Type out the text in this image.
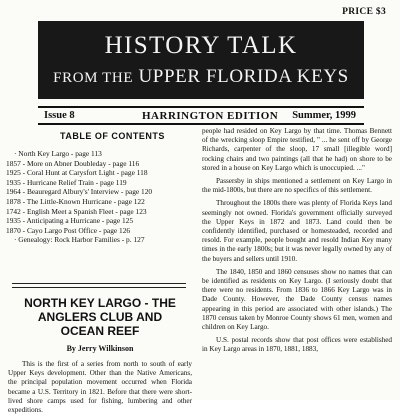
PRICE $3
HISTORY TALK
FROM THE UPPER FLORIDA KEYS
Issue 8	HARRINGTON EDITION Summer, 1999
TABLE OF CONTENTS
· North Key Largo - page 113
1857 - More on Abner Doubleday - page 116
1925 - Coral Hunt at Carysfort Light - page 118
1935 - Hurricane Relief Train - page 119
1964 - Beauregard Albury's' Interview - page 120
1878 - The Little-Known Hurricane - page 122
1742 - English Meet a Spanish Fleet - page 123
1935 - Anticipating a Hurricane - page 125
1870 - Cayo Largo Post Office - page 126
· Genealogy: Rock Harbor Families - p. 127
NORTH KEY LARGO - THE
ANGLERS CLUB AND
OCEAN REEF
By Jerry Wilkinson

This is the first of a series from north to south of early Upper Keys development. Other than the Native Americans, the principal population movement occurred when Florida became a U.S. Territory in 1821. Before that there were short-lived shore camps used for fishing, lumbering and other expeditions.

people had resided on Key Largo by that time. Thomas Bennett of the wrecking sloop Empire testified, " ... he sent off by George Richards, carpenter of the sloop, 17 small [illegible word] rocking chairs and two paintings (all that he had) on shore to be stored in a house on Key Largo which is unoccupied. ..."

Passersby in ships mentioned a settlement on Key Largo in the mid-1800s, but there are no specifics of this settlement.

Throughout the 1800s there was plenty of Florida Keys land seemingly not owned. Florida's government officially surveyed the Upper Keys in 1872 and 1873. Land could then be confidently identified, purchased or homesteaded, recorded and resold. For example, people bought and resold Indian Key many times in the early 1800s; but it was never legally owned by any of the buyers and sellers until 1910.

The 1840, 1850 and 1860 censuses show no names that can be identified as residents on Key Largo. (I seriously doubt that there were no residents. From 1836 to 1866 Key Largo was in Dade County. However, the Dade County census names appearing in this period are associated with other islands.) The 1870 census taken by Monroe County shows 61 men, women and children on Key Largo.

U.S. postal records show that post offices were established in Key Largo areas in 1870, 1881, 1883,
